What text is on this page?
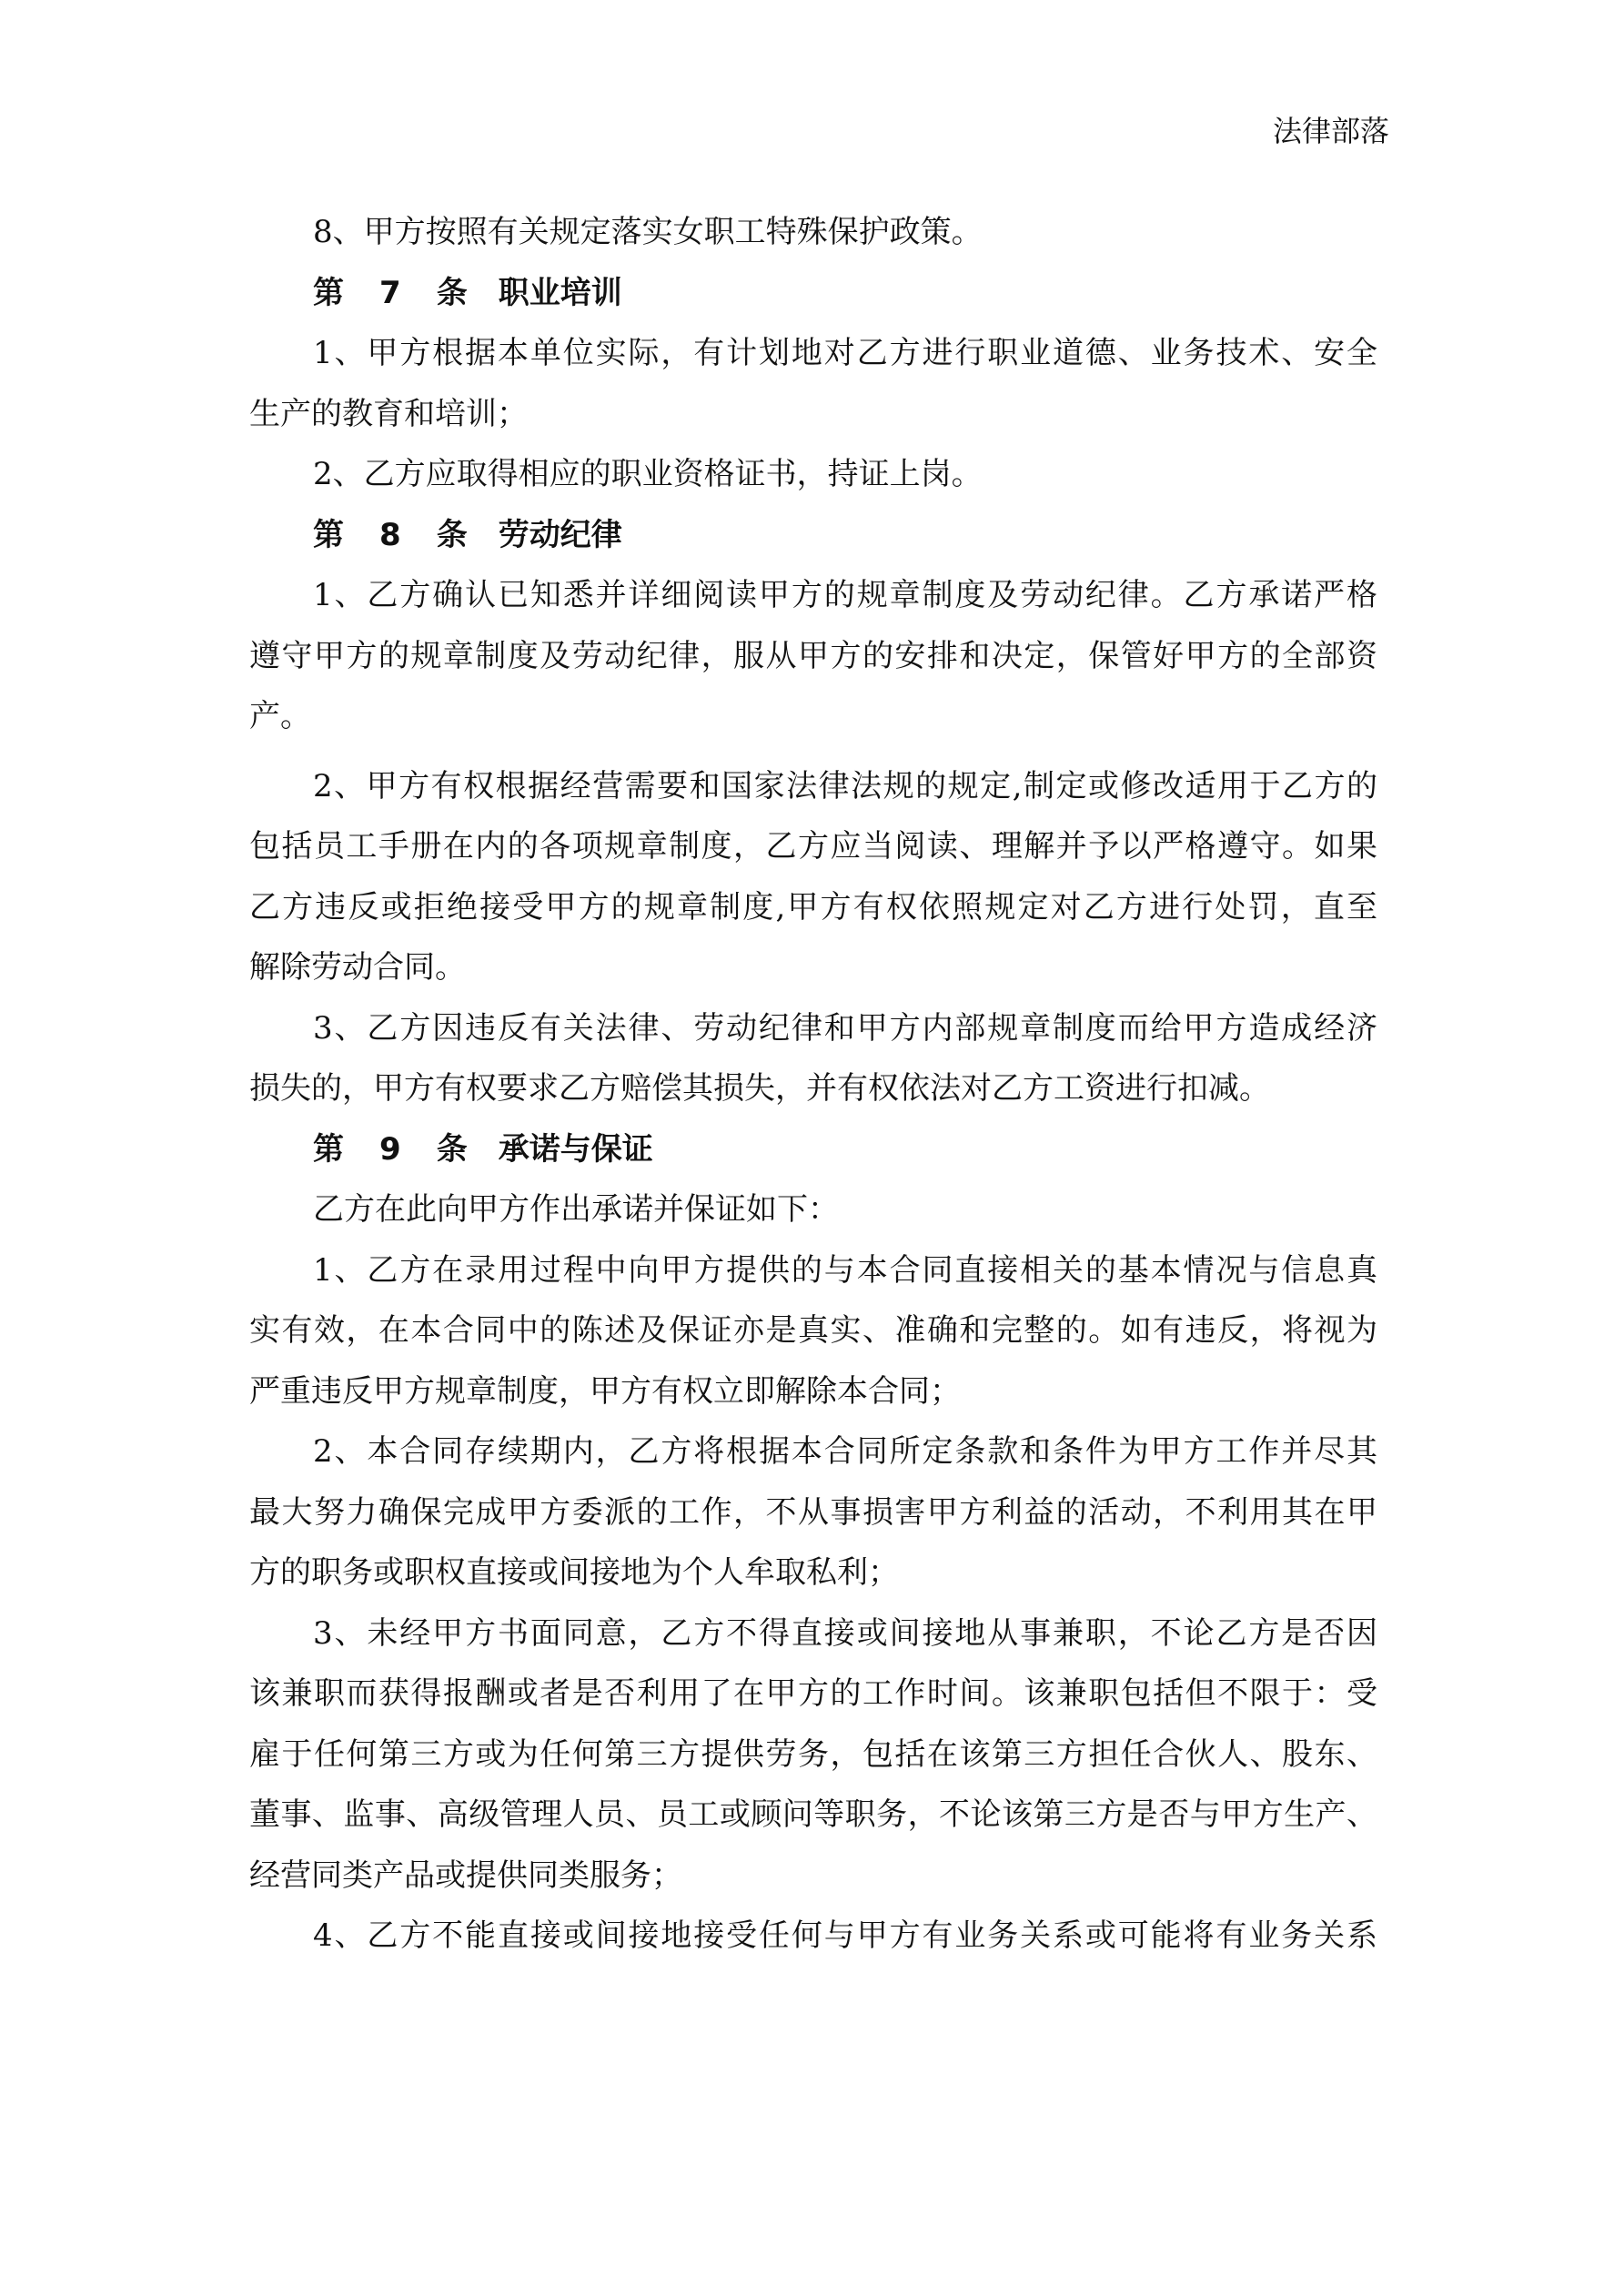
法律部落
8、甲方按照有关规定落实女职工特殊保护政策。
第 7 条　职业培训
1、甲方根据本单位实际，有计划地对乙方进行职业道德、业务技术、安全
生产的教育和培训；
2、乙方应取得相应的职业资格证书，持证上岗。
第 8 条　劳动纪律
1、乙方确认已知悉并详细阅读甲方的规章制度及劳动纪律。乙方承诺严格
遵守甲方的规章制度及劳动纪律，服从甲方的安排和决定，保管好甲方的全部资
产。
2、甲方有权根据经营需要和国家法律法规的规定,制定或修改适用于乙方的
包括员工手册在内的各项规章制度，乙方应当阅读、理解并予以严格遵守。如果
乙方违反或拒绝接受甲方的规章制度,甲方有权依照规定对乙方进行处罚，直至
解除劳动合同。
3、乙方因违反有关法律、劳动纪律和甲方内部规章制度而给甲方造成经济
损失的，甲方有权要求乙方赔偿其损失，并有权依法对乙方工资进行扣减。
第 9 条　承诺与保证
乙方在此向甲方作出承诺并保证如下：
1、乙方在录用过程中向甲方提供的与本合同直接相关的基本情况与信息真
实有效，在本合同中的陈述及保证亦是真实、准确和完整的。如有违反，将视为
严重违反甲方规章制度，甲方有权立即解除本合同；
2、本合同存续期内，乙方将根据本合同所定条款和条件为甲方工作并尽其
最大努力确保完成甲方委派的工作，不从事损害甲方利益的活动，不利用其在甲
方的职务或职权直接或间接地为个人牟取私利；
3、未经甲方书面同意，乙方不得直接或间接地从事兼职，不论乙方是否因
该兼职而获得报酬或者是否利用了在甲方的工作时间。该兼职包括但不限于：受
雇于任何第三方或为任何第三方提供劳务，包括在该第三方担任合伙人、股东、
董事、监事、高级管理人员、员工或顾问等职务，不论该第三方是否与甲方生产、
经营同类产品或提供同类服务；
4、乙方不能直接或间接地接受任何与甲方有业务关系或可能将有业务关系
